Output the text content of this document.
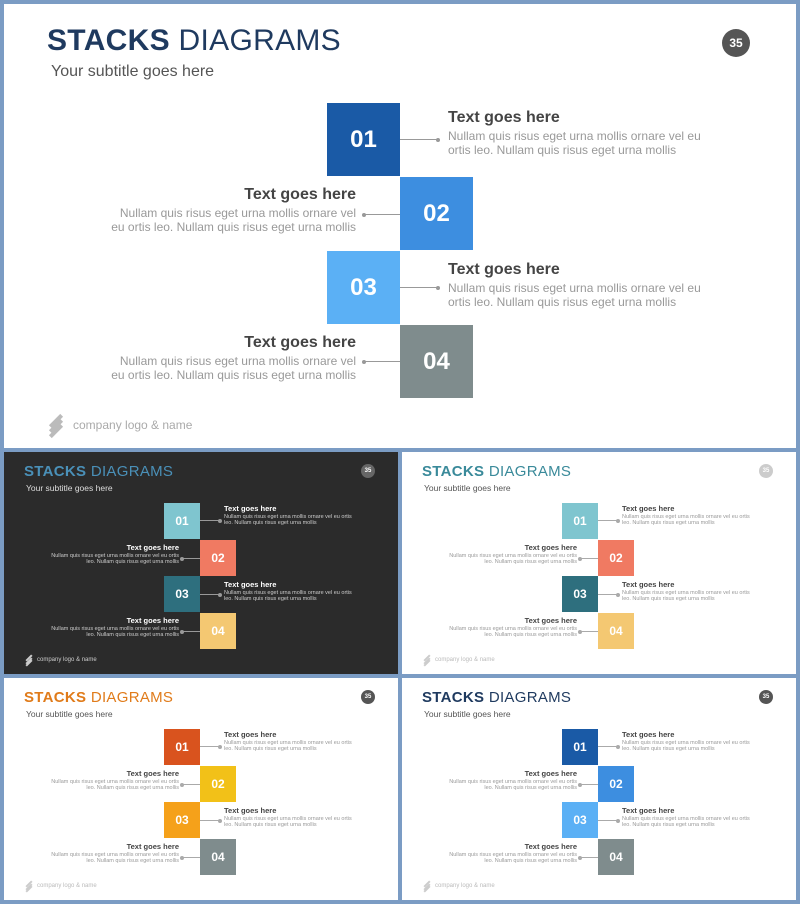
STACKS DIAGRAMS
Your subtitle goes here
35
01
Text goes here
Nullam quis risus eget urna mollis ornare vel eu ortis leo. Nullam quis risus eget urna mollis
02
Text goes here
Nullam quis risus eget urna mollis ornare vel eu ortis leo. Nullam quis risus eget urna mollis
03
Text goes here
Nullam quis risus eget urna mollis ornare vel eu ortis leo. Nullam quis risus eget urna mollis
04
Text goes here
Nullam quis risus eget urna mollis ornare vel eu ortis leo. Nullam quis risus eget urna mollis
company logo & name
STACKS DIAGRAMS
Your subtitle goes here
35
01
Text goes here
Nullam quis risus eget urna mollis ornare vel eu ortis leo. Nullam quis risus eget urna mollis
02
Text goes here
Nullam quis risus eget urna mollis ornare vel eu ortis leo. Nullam quis risus eget urna mollis
03
Text goes here
Nullam quis risus eget urna mollis ornare vel eu ortis leo. Nullam quis risus eget urna mollis
04
Text goes here
Nullam quis risus eget urna mollis ornare vel eu ortis leo. Nullam quis risus eget urna mollis
company logo & name
STACKS DIAGRAMS
Your subtitle goes here
35
01
Text goes here
Nullam quis risus eget urna mollis ornare vel eu ortis leo. Nullam quis risus eget urna mollis
02
Text goes here
Nullam quis risus eget urna mollis ornare vel eu ortis leo. Nullam quis risus eget urna mollis
03
Text goes here
Nullam quis risus eget urna mollis ornare vel eu ortis leo. Nullam quis risus eget urna mollis
04
Text goes here
Nullam quis risus eget urna mollis ornare vel eu ortis leo. Nullam quis risus eget urna mollis
company logo & name
STACKS DIAGRAMS
Your subtitle goes here
35
01
Text goes here
Nullam quis risus eget urna mollis ornare vel eu ortis leo. Nullam quis risus eget urna mollis
02
Text goes here
Nullam quis risus eget urna mollis ornare vel eu ortis leo. Nullam quis risus eget urna mollis
03
Text goes here
Nullam quis risus eget urna mollis ornare vel eu ortis leo. Nullam quis risus eget urna mollis
04
Text goes here
Nullam quis risus eget urna mollis ornare vel eu ortis leo. Nullam quis risus eget urna mollis
company logo & name
STACKS DIAGRAMS
Your subtitle goes here
35
01
Text goes here
Nullam quis risus eget urna mollis ornare vel eu ortis leo. Nullam quis risus eget urna mollis
02
Text goes here
Nullam quis risus eget urna mollis ornare vel eu ortis leo. Nullam quis risus eget urna mollis
03
Text goes here
Nullam quis risus eget urna mollis ornare vel eu ortis leo. Nullam quis risus eget urna mollis
04
Text goes here
Nullam quis risus eget urna mollis ornare vel eu ortis leo. Nullam quis risus eget urna mollis
company logo & name
